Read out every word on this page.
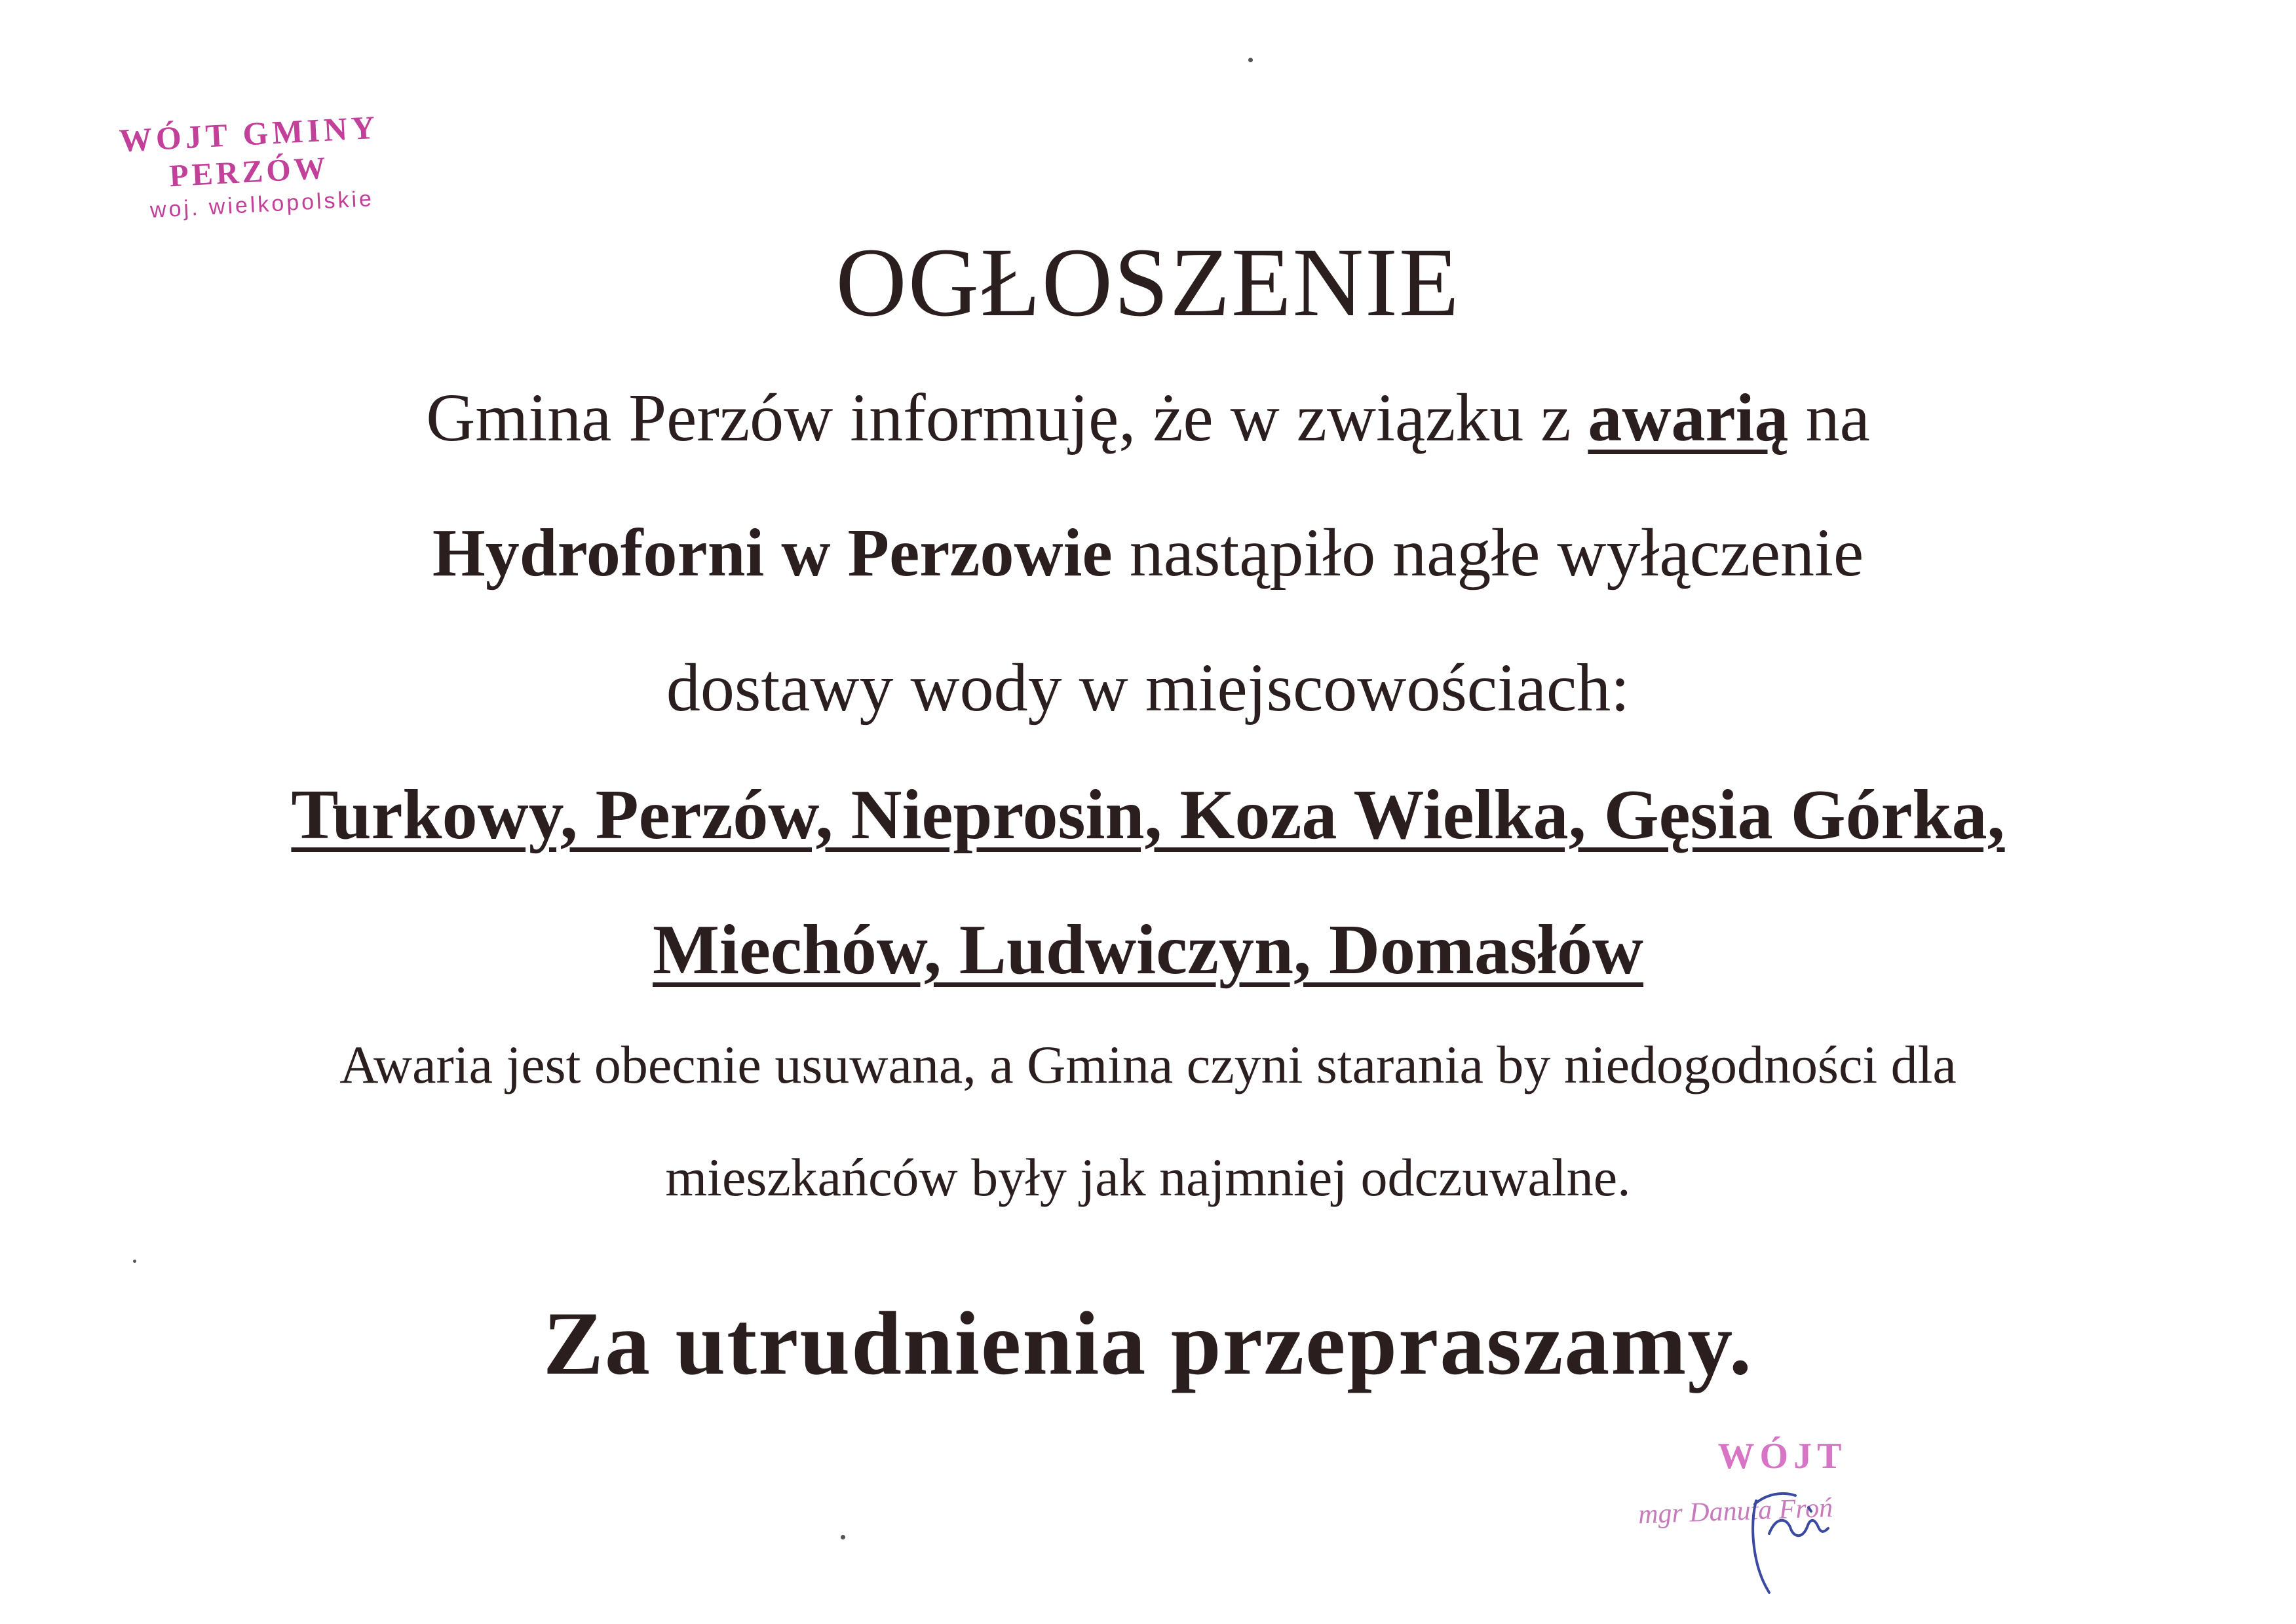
WÓJT GMINY
PERZÓW
woj. wielkopolskie
OGŁOSZENIE
Gmina Perzów informuję, że w związku z awarią na
Hydroforni w Perzowie nastąpiło nagłe wyłączenie
dostawy wody w miejscowościach:
Turkowy, Perzów, Nieprosin, Koza Wielka, Gęsia Górka,
Miechów, Ludwiczyn, Domasłów
Awaria jest obecnie usuwana, a Gmina czyni starania by niedogodności dla
mieszkańców były jak najmniej odczuwalne.
Za utrudnienia przepraszamy.
WÓJT
mgr Danuta Froń
